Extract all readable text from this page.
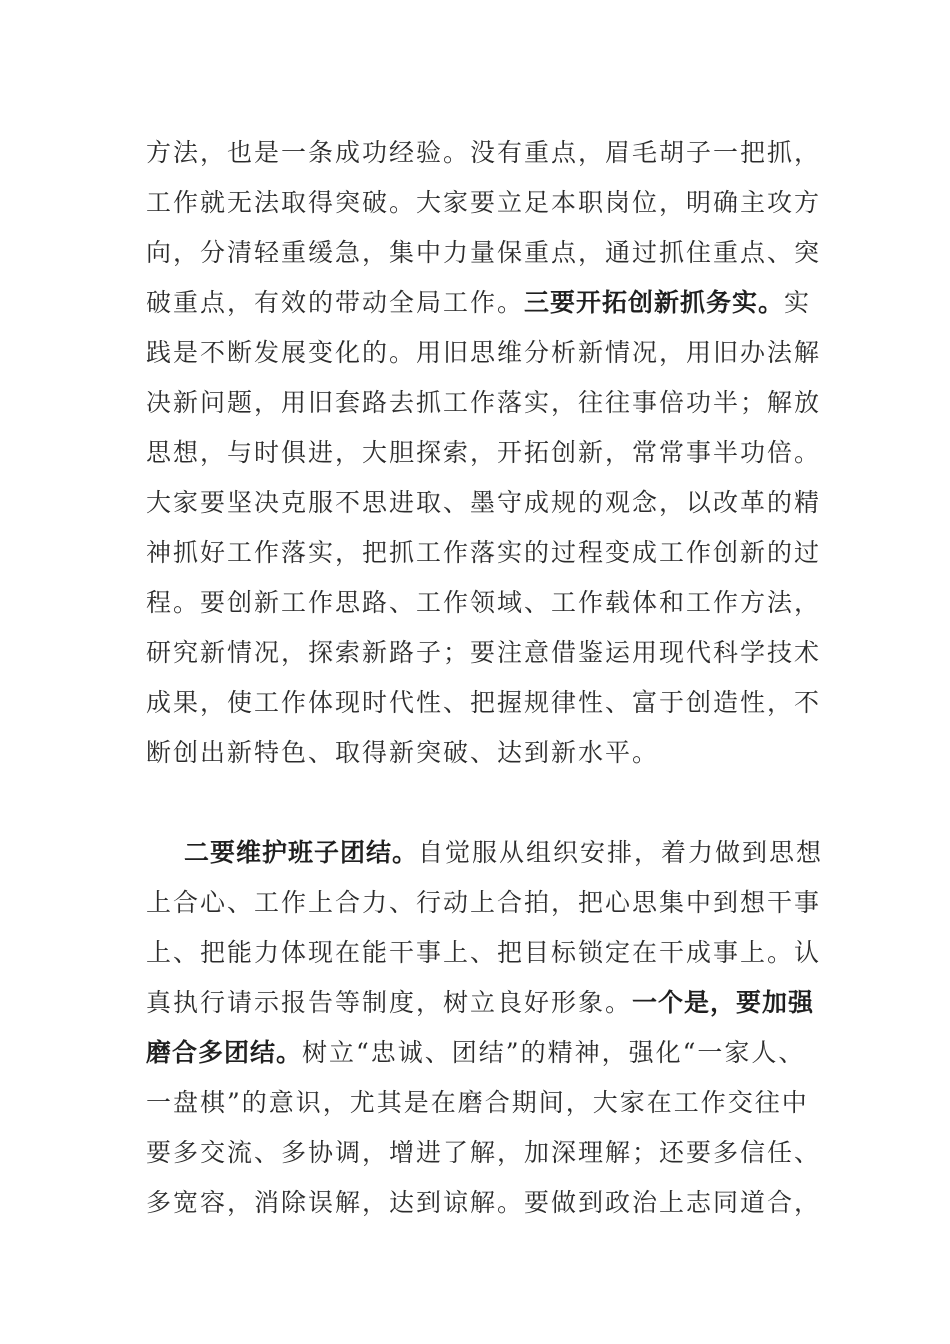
方法，也是一条成功经验。没有重点，眉毛胡子一把抓，工作就无法取得突破。大家要立足本职岗位，明确主攻方向，分清轻重缓急，集中力量保重点，通过抓住重点、突破重点，有效的带动全局工作。三要开拓创新抓务实。实践是不断发展变化的。用旧思维分析新情况，用旧办法解决新问题，用旧套路去抓工作落实，往往事倍功半；解放思想，与时俱进，大胆探索，开拓创新，常常事半功倍。大家要坚决克服不思进取、墨守成规的观念，以改革的精神抓好工作落实，把抓工作落实的过程变成工作创新的过程。要创新工作思路、工作领域、工作载体和工作方法，研究新情况，探索新路子；要注意借鉴运用现代科学技术成果，使工作体现时代性、把握规律性、富于创造性，不断创出新特色、取得新突破、达到新水平。

二要维护班子团结。自觉服从组织安排，着力做到思想上合心、工作上合力、行动上合拍，把心思集中到想干事上、把能力体现在能干事上、把目标锁定在干成事上。认真执行请示报告等制度，树立良好形象。一个是，要加强磨合多团结。树立“忠诚、团结”的精神，强化“一家人、一盘棋”的意识，尤其是在磨合期间，大家在工作交往中要多交流、多协调，增进了解，加深理解；还要多信任、多宽容，消除误解，达到谅解。要做到政治上志同道合，
